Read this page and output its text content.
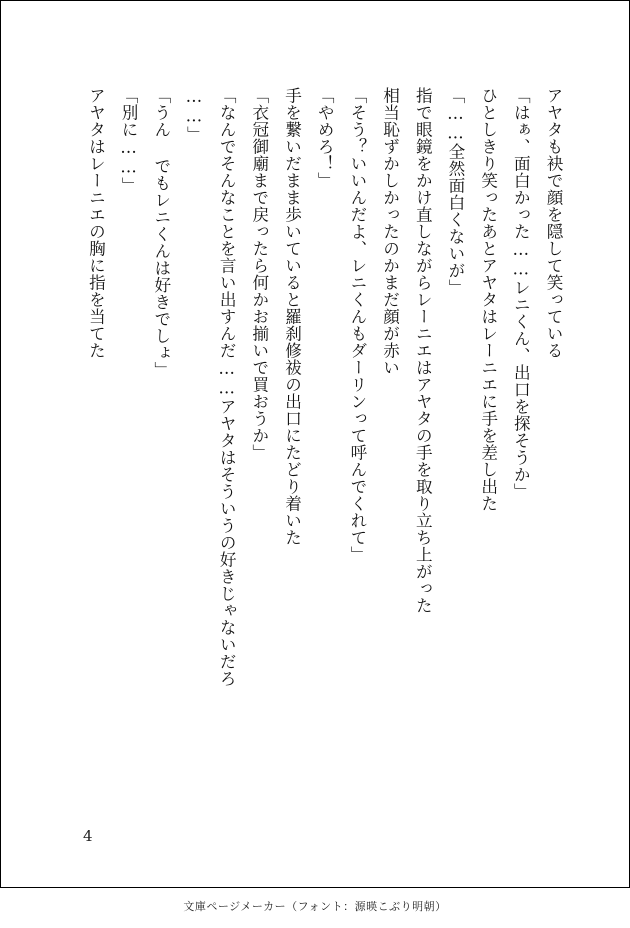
アヤタも袂で顔を隠して笑っている
「はぁ、面白かった……レニくん、出口を探そうか」
ひとしきり笑ったあとアヤタはレーニエに手を差し出た
「……全然面白くないが」
指で眼鏡をかけ直しながらレーニエはアヤタの手を取り立ち上がった
相当恥ずかしかったのかまだ顔が赤い
「そう？いいんだよ、レニくんもダーリンって呼んでくれて」
「やめろ！」
手を繋いだまま歩いていると羅刹修祓の出口にたどり着いた
「衣冠御廟まで戻ったら何かお揃いで買おうか」
「なんでそんなことを言い出すんだ……アヤタはそういうの好きじゃないだろ
……」
「うん でもレニくんは好きでしょ」
「別に……」
アヤタはレーニエの胸に指を当てた
4
文庫ページメーカー（フォント：源暎こぶり明朝）
